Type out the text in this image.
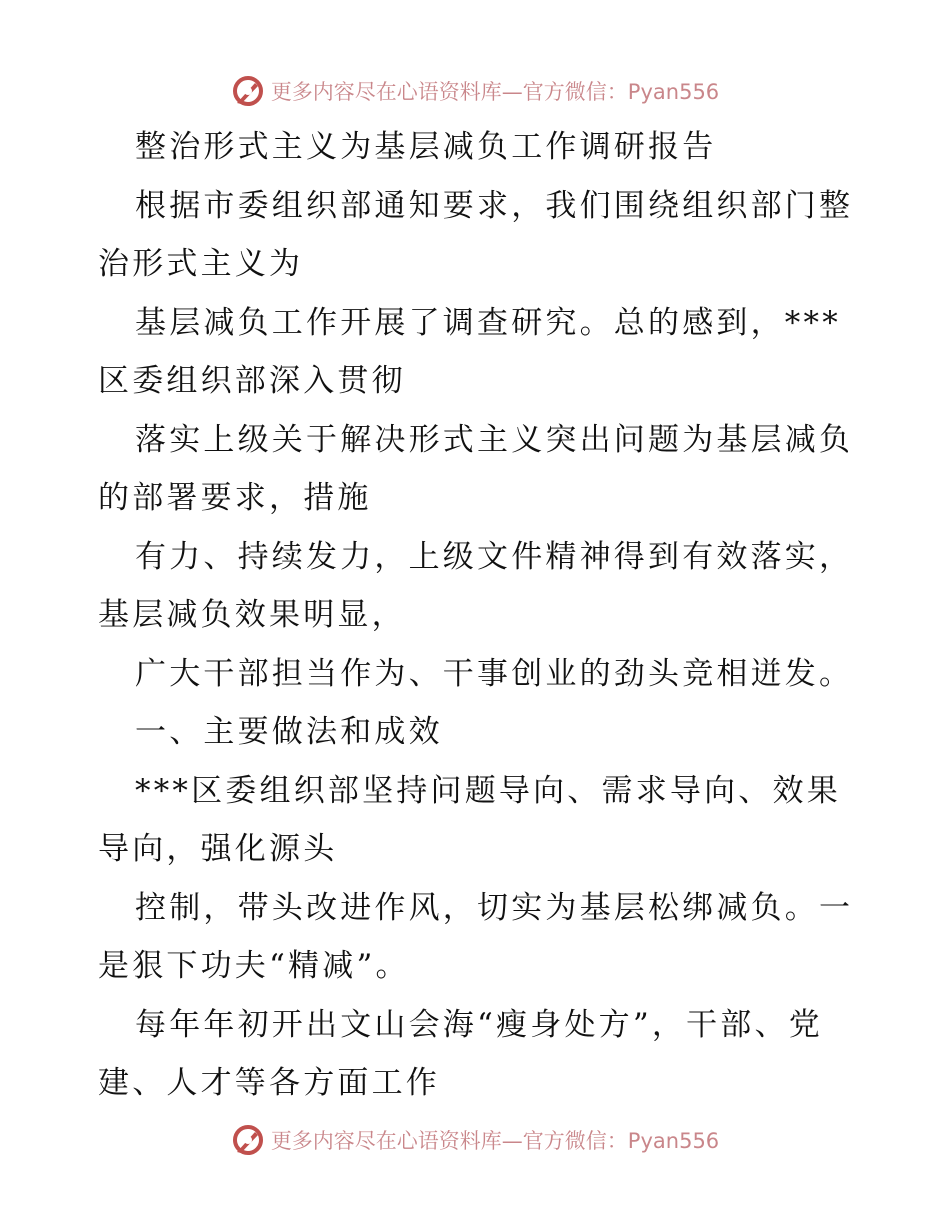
更多内容尽在心语资料库—官方微信：Pyan556

整治形式主义为基层减负工作调研报告

根据市委组织部通知要求，我们围绕组织部门整

治形式主义为

基层减负工作开展了调查研究。总的感到，***

区委组织部深入贯彻

落实上级关于解决形式主义突出问题为基层减负

的部署要求，措施

有力、持续发力，上级文件精神得到有效落实，

基层减负效果明显，

广大干部担当作为、干事创业的劲头竞相迸发。

一、主要做法和成效

***区委组织部坚持问题导向、需求导向、效果

导向，强化源头

控制，带头改进作风，切实为基层松绑减负。一

是狠下功夫“精减”。

每年年初开出文山会海“瘦身处方”，干部、党

建、人才等各方面工作

更多内容尽在心语资料库—官方微信：Pyan556
